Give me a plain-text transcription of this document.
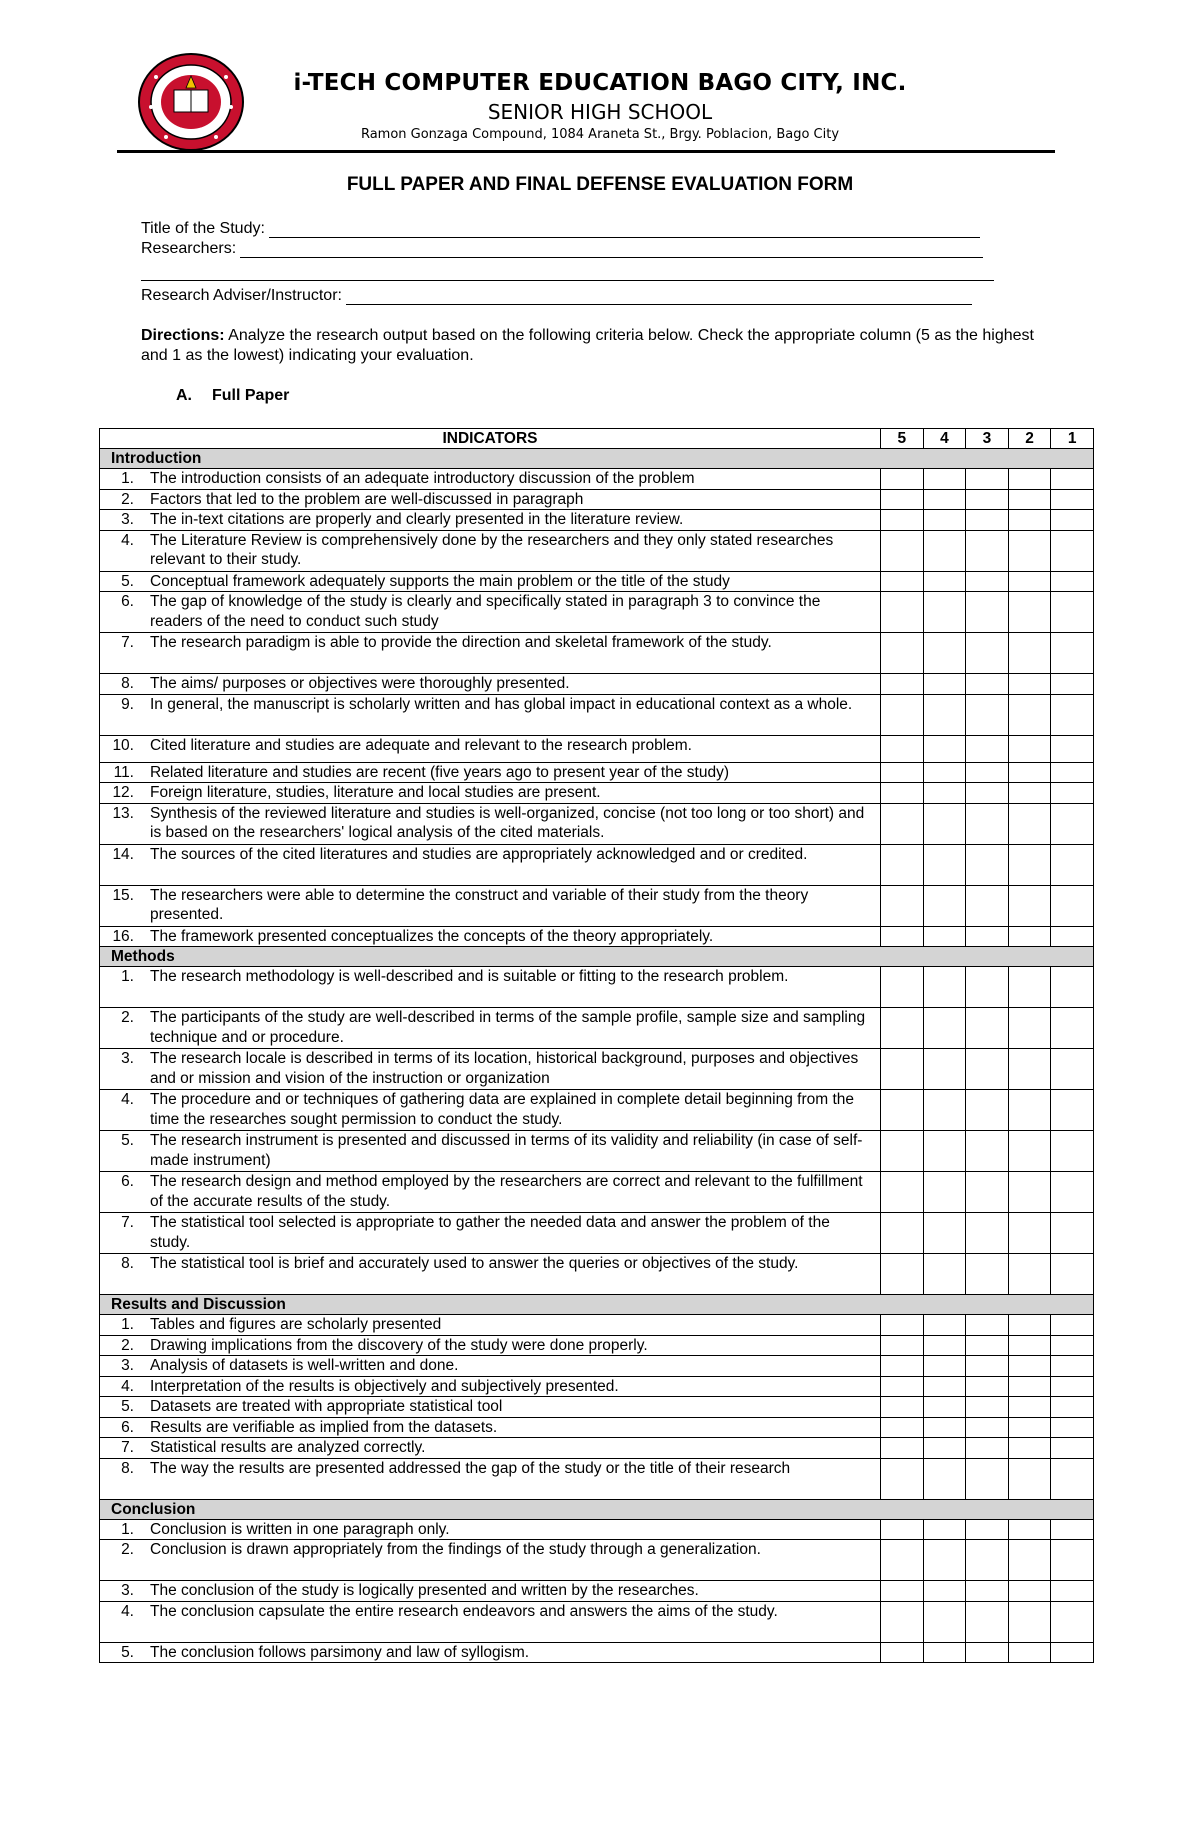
i-TECH COMPUTER EDUCATION BAGO CITY, INC.
SENIOR HIGH SCHOOL
Ramon Gonzaga Compound, 1084 Araneta St., Brgy. Poblacion, Bago City
FULL PAPER AND FINAL DEFENSE EVALUATION FORM
Title of the Study:
Researchers:
Research Adviser/Instructor:
Directions: Analyze the research output based on the following criteria below. Check the appropriate column (5 as the highest and 1 as the lowest) indicating your evaluation.
A. Full Paper
INDICATORS	5	4	3	2	1
Introduction					

1. The introduction consists of an adequate introductory discussion of the problem					

2. Factors that led to the problem are well-discussed in paragraph					

3. The in-text citations are properly and clearly presented in the literature review.					

4. The Literature Review is comprehensively done by the researchers and they only stated researches relevant to their study.					

5. Conceptual framework adequately supports the main problem or the title of the study					

6. The gap of knowledge of the study is clearly and specifically stated in paragraph 3 to convince the readers of the need to conduct such study					

7. The research paradigm is able to provide the direction and skeletal framework of the study.					

8. The aims/ purposes or objectives were thoroughly presented.					

9. In general, the manuscript is scholarly written and has global impact in educational context as a whole.					

10. Cited literature and studies are adequate and relevant to the research problem.					

11. Related literature and studies are recent (five years ago to present year of the study)					

12. Foreign literature, studies, literature and local studies are present.					

13. Synthesis of the reviewed literature and studies is well-organized, concise (not too long or too short) and is based on the researchers' logical analysis of the cited materials.					

14. The sources of the cited literatures and studies are appropriately acknowledged and or credited.					

15. The researchers were able to determine the construct and variable of their study from the theory presented.					

16. The framework presented conceptualizes the concepts of the theory appropriately.					

Methods					

1. The research methodology is well-described and is suitable or fitting to the research problem.					

2. The participants of the study are well-described in terms of the sample profile, sample size and sampling technique and or procedure.					

3. The research locale is described in terms of its location, historical background, purposes and objectives and or mission and vision of the instruction or organization					

4. The procedure and or techniques of gathering data are explained in complete detail beginning from the time the researches sought permission to conduct the study.					

5. The research instrument is presented and discussed in terms of its validity and reliability (in case of self-made instrument)					

6. The research design and method employed by the researchers are correct and relevant to the fulfillment of the accurate results of the study.					

7. The statistical tool selected is appropriate to gather the needed data and answer the problem of the study.					

8. The statistical tool is brief and accurately used to answer the queries or objectives of the study.					

Results and Discussion					

1. Tables and figures are scholarly presented					

2. Drawing implications from the discovery of the study were done properly.					

3. Analysis of datasets is well-written and done.					

4. Interpretation of the results is objectively and subjectively presented.					

5. Datasets are treated with appropriate statistical tool					

6. Results are verifiable as implied from the datasets.					

7. Statistical results are analyzed correctly.					

8. The way the results are presented addressed the gap of the study or the title of their research					

Conclusion					

1. Conclusion is written in one paragraph only.					

2. Conclusion is drawn appropriately from the findings of the study through a generalization.					

3. The conclusion of the study is logically presented and written by the researches.					

4. The conclusion capsulate the entire research endeavors and answers the aims of the study.					

5. The conclusion follows parsimony and law of syllogism.					
